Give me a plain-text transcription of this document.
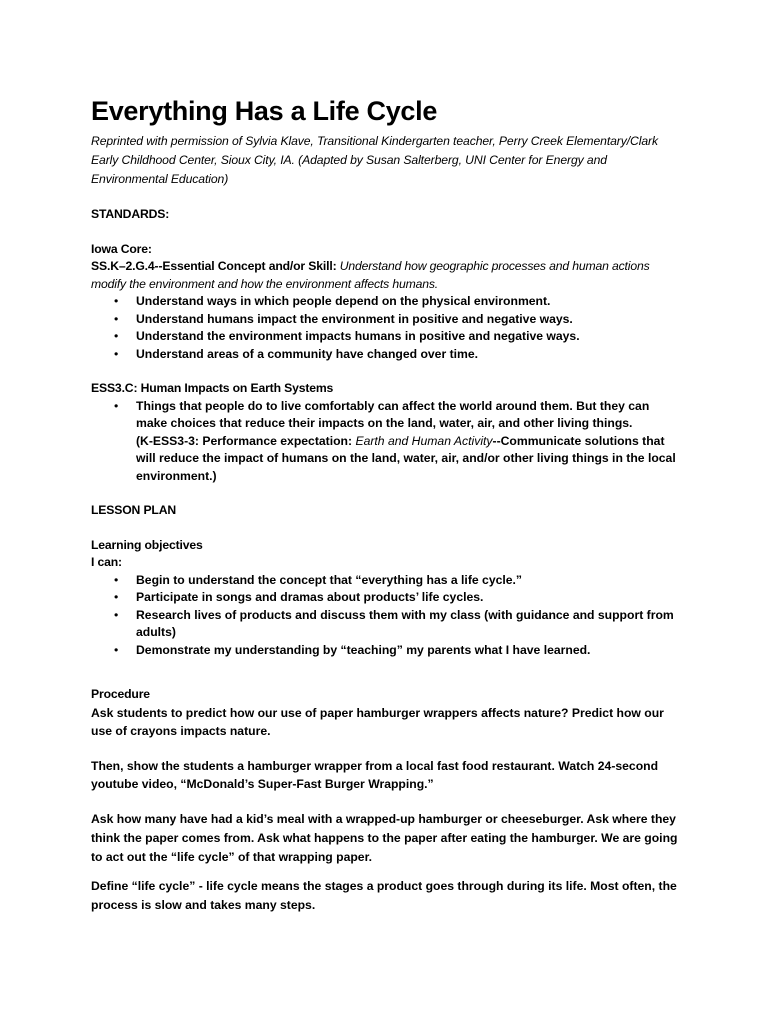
Everything Has a Life Cycle

Reprinted with permission of Sylvia Klave, Transitional Kindergarten teacher, Perry Creek Elementary/Clark Early Childhood Center, Sioux City, IA. (Adapted by Susan Salterberg, UNI Center for Energy and Environmental Education)

STANDARDS:
Iowa Core:
SS.K–2.G.4--Essential Concept and/or Skill: Understand how geographic processes and human actions modify the environment and how the environment affects humans.
• Understand ways in which people depend on the physical environment.
• Understand humans impact the environment in positive and negative ways.
• Understand the environment impacts humans in positive and negative ways.
• Understand areas of a community have changed over time.
ESS3.C: Human Impacts on Earth Systems
• Things that people do to live comfortably can affect the world around them. But they can make choices that reduce their impacts on the land, water, air, and other living things.
(K-ESS3-3: Performance expectation: Earth and Human Activity--Communicate solutions that will reduce the impact of humans on the land, water, air, and/or other living things in the local environment.)
LESSON PLAN
Learning objectives
I can:
• Begin to understand the concept that “everything has a life cycle.”
• Participate in songs and dramas about products’ life cycles.
• Research lives of products and discuss them with my class (with guidance and support from adults)
• Demonstrate my understanding by “teaching” my parents what I have learned.
Procedure

Ask students to predict how our use of paper hamburger wrappers affects nature? Predict how our use of crayons impacts nature.

Then, show the students a hamburger wrapper from a local fast food restaurant. Watch 24-second youtube video, “McDonald’s Super-Fast Burger Wrapping.”

Ask how many have had a kid’s meal with a wrapped-up hamburger or cheeseburger. Ask where they think the paper comes from. Ask what happens to the paper after eating the hamburger. We are going to act out the “life cycle” of that wrapping paper.

Define “life cycle” - life cycle means the stages a product goes through during its life. Most often, the process is slow and takes many steps.
